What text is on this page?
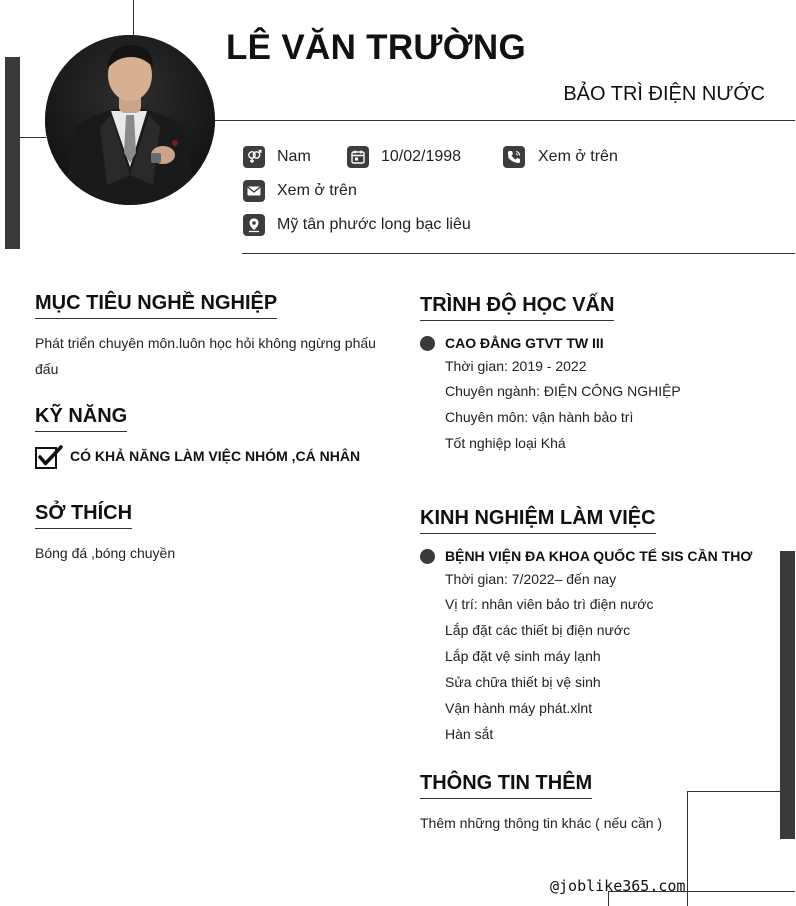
LÊ VĂN TRƯỜNG
BẢO TRÌ ĐIỆN NƯỚC
Nam	10/02/1998	Xem ở trên
Xem ở trên
Mỹ tân phước long bạc liêu
MỤC TIÊU NGHỀ NGHIỆP
Phát triển chuyên môn.luôn học hỏi không ngừng phấu đấu
KỸ NĂNG
CÓ KHẢ NĂNG LÀM VIỆC NHÓM ,CÁ NHÂN
SỞ THÍCH
Bóng đá ,bóng chuyền
TRÌNH ĐỘ HỌC VẤN
CAO ĐẲNG GTVT TW III
Thời gian: 2019 - 2022
Chuyên ngành: ĐIỆN CÔNG NGHIỆP
Chuyên môn: vận hành bảo trì
Tốt nghiệp loại Khá
KINH NGHIỆM LÀM VIỆC
BỆNH VIỆN ĐA KHOA QUỐC TẾ SIS CẦN THƠ
Thời gian: 7/2022– đến nay
Vị trí: nhân viên bảo trì điện nước
Lắp đặt các thiết bị điện nước
Lắp đặt vệ sinh máy lạnh
Sửa chữa thiết bị vệ sinh
Vận hành máy phát.xlnt
Hàn sắt
THÔNG TIN THÊM
Thêm những thông tin khác ( nếu cần )
@joblike365.com
